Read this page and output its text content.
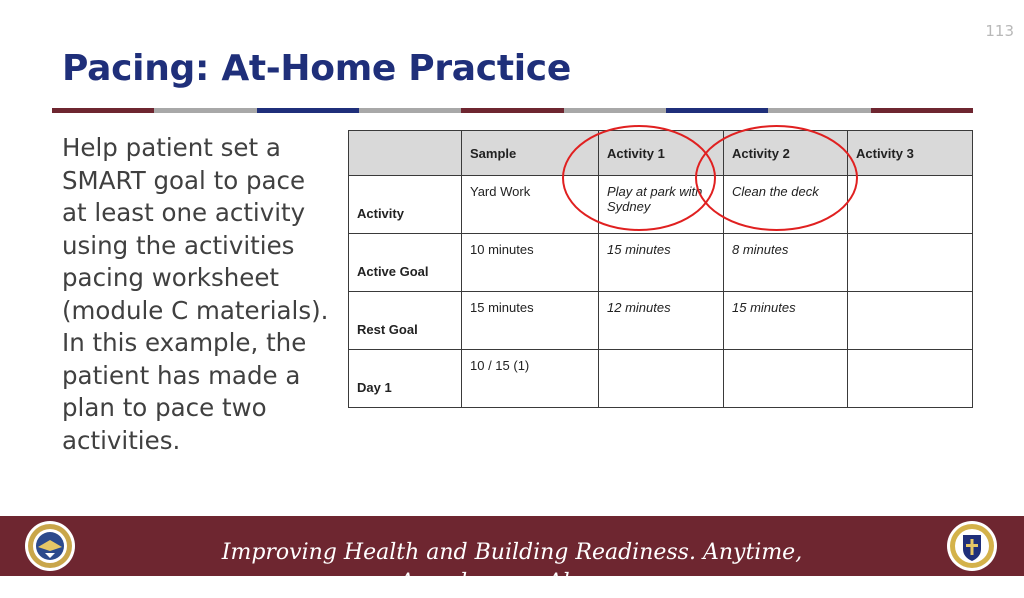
113
Pacing: At-Home Practice

Help patient set a SMART goal to pace at least one activity using the activities pacing worksheet (module C materials). In this example, the patient has made a plan to pace two activities.

	Sample	Activity 1	Activity 2	Activity 3
Activity	Yard Work	Play at park with Sydney	Clean the deck	
Active Goal	10 minutes	15 minutes	8 minutes	
Rest Goal	15 minutes	12 minutes	15 minutes	
Day 1	10 / 15 (1)			

Improving Health and Building Readiness. Anytime, Anywhere — Always
